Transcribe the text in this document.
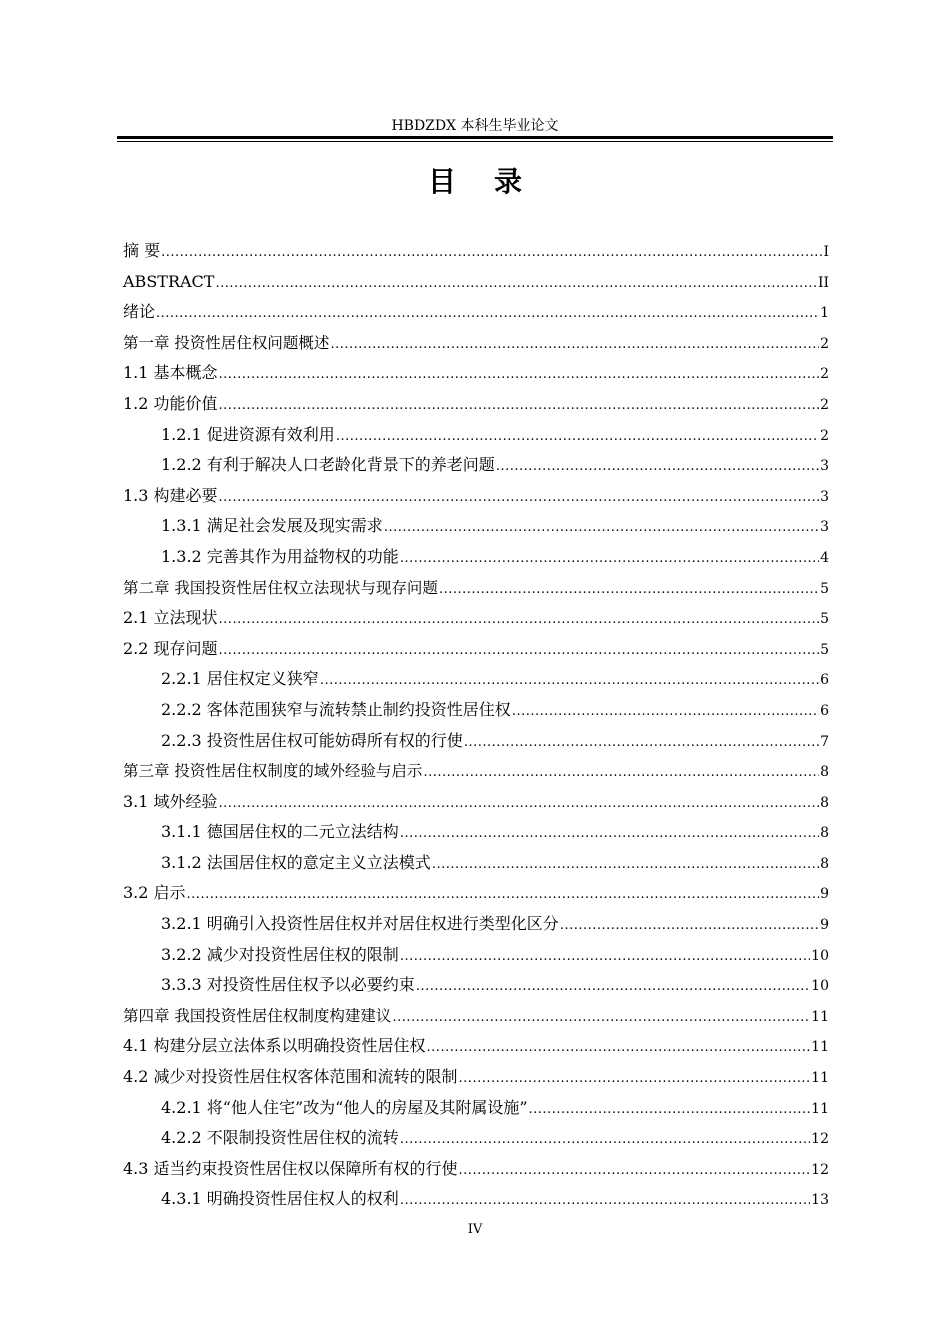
HBDZDX 本科生毕业论文
目录
摘 要 .....	I
ABSTRACT .....	II
绪论 .....	1
第一章 投资性居住权问题概述 .....	2
1.1 基本概念 .....	2
1.2 功能价值 .....	2
1.2.1 促进资源有效利用 .....	2
1.2.2 有利于解决人口老龄化背景下的养老问题 .....	3
1.3 构建必要 .....	3
1.3.1 满足社会发展及现实需求 .....	3
1.3.2 完善其作为用益物权的功能 .....	4
第二章 我国投资性居住权立法现状与现存问题 .....	5
2.1 立法现状 .....	5
2.2 现存问题 .....	5
2.2.1 居住权定义狭窄 .....	6
2.2.2 客体范围狭窄与流转禁止制约投资性居住权 .....	6
2.2.3 投资性居住权可能妨碍所有权的行使 .....	7
第三章 投资性居住权制度的域外经验与启示 .....	8
3.1 域外经验 .....	8
3.1.1 德国居住权的二元立法结构 .....	8
3.1.2 法国居住权的意定主义立法模式 .....	8
3.2 启示 .....	9
3.2.1 明确引入投资性居住权并对居住权进行类型化区分 .....	9
3.2.2 减少对投资性居住权的限制 .....	10
3.3.3 对投资性居住权予以必要约束 .....	10
第四章 我国投资性居住权制度构建建议 .....	11
4.1 构建分层立法体系以明确投资性居住权 .....	11
4.2 减少对投资性居住权客体范围和流转的限制 .....	11
4.2.1 将“他人住宅”改为“他人的房屋及其附属设施” .....	11
4.2.2 不限制投资性居住权的流转 .....	12
4.3 适当约束投资性居住权以保障所有权的行使 .....	12
4.3.1 明确投资性居住权人的权利 .....	13
IV
